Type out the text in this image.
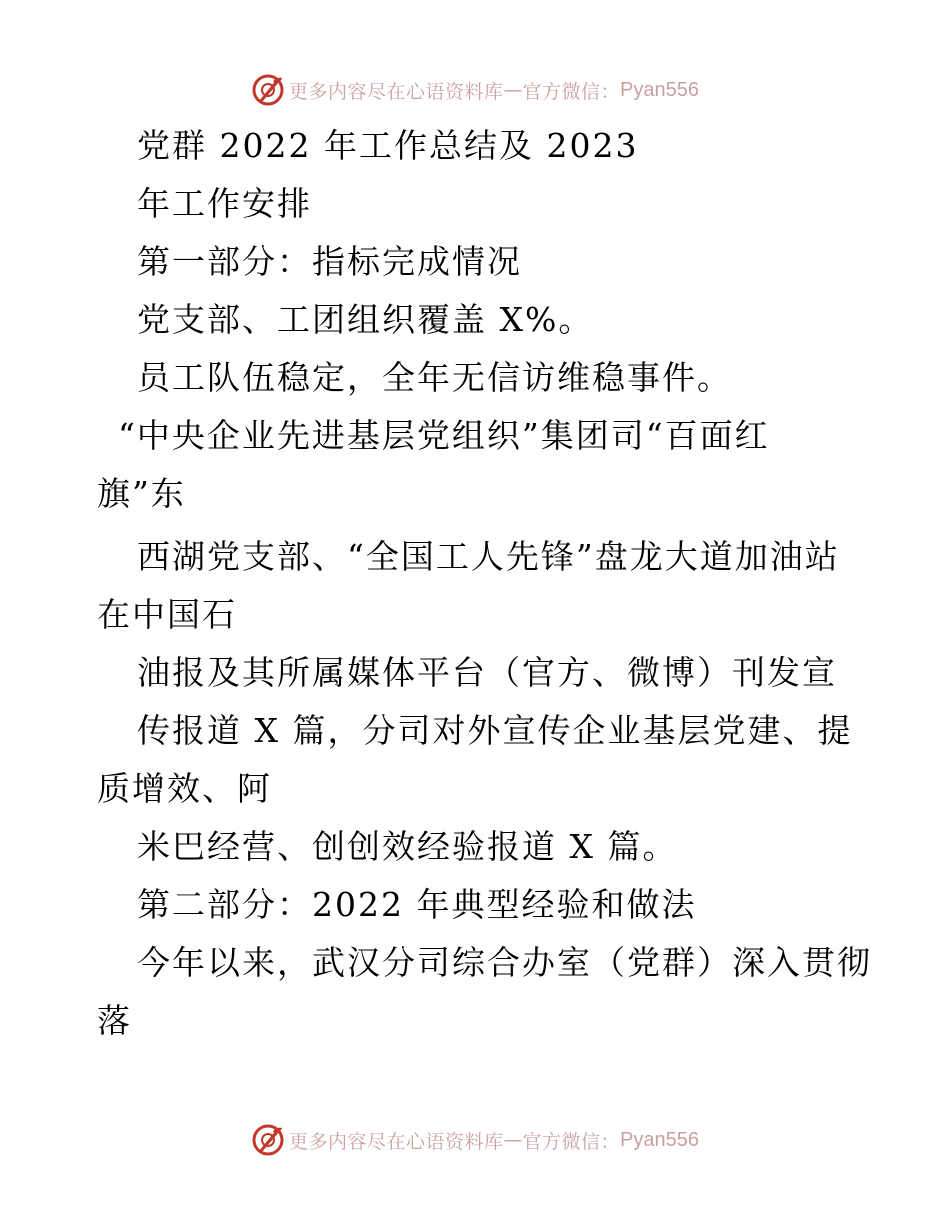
更多内容尽在心语资料库 — 官方微信： Pyan556
党群 2022 年工作总结及 2023
年工作安排
第一部分：指标完成情况
党支部、工团组织覆盖 X%。
员工队伍稳定，全年无信访维稳事件。
“中央企业先进基层党组织”集团司“百面红
旗”东
西湖党支部、“全国工人先锋”盘龙大道加油站
在中国石
油报及其所属媒体平台（官方、微博）刊发宣
传报道 X 篇，分司对外宣传企业基层党建、提
质增效、阿
米巴经营、创创效经验报道 X 篇。
第二部分：2022 年典型经验和做法
今年以来，武汉分司综合办室（党群）深入贯彻
落
更多内容尽在心语资料库 — 官方微信： Pyan556
